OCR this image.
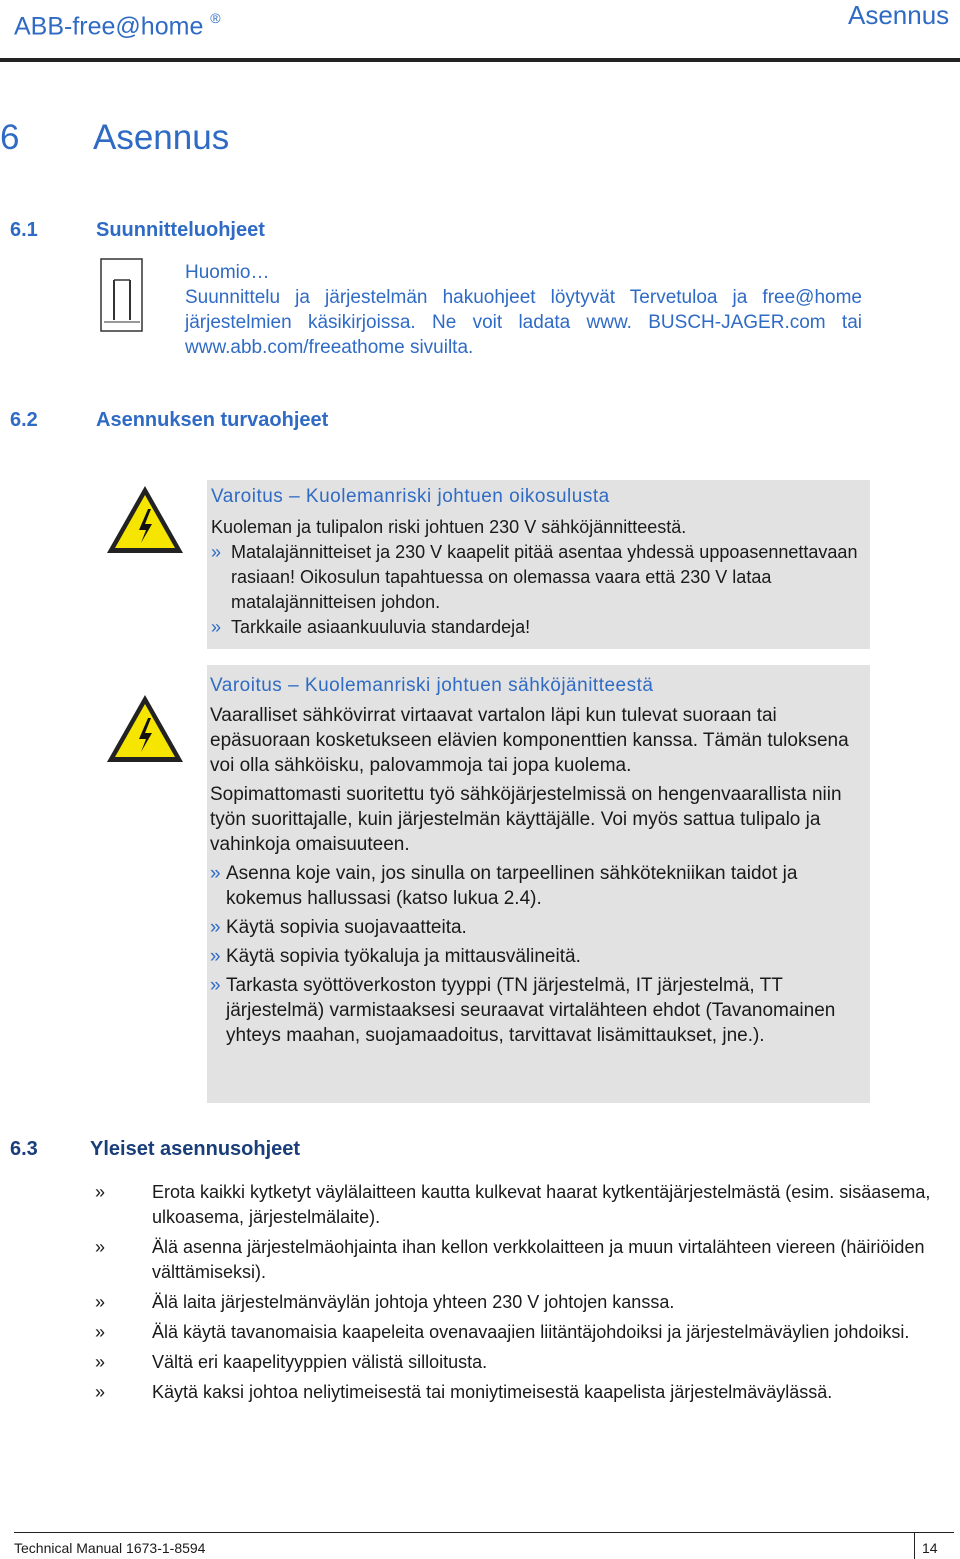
ABB-free@home ®	Asennus
6 Asennus
6.1	Suunnitteluohjeet

Huomio…

Suunnittelu ja järjestelmän hakuohjeet löytyvät Tervetuloa ja free@home järjestelmien käsikirjoissa. Ne voit ladata www. BUSCH-JAGER.com tai www.abb.com/freeathome sivuilta.

6.2	Asennuksen turvaohjeet
Varoitus – Kuolemanriski johtuen oikosulusta
Kuoleman ja tulipalon riski johtuen 230 V sähköjännitteestä.
» Matalajännitteiset ja 230 V kaapelit pitää asentaa yhdessä uppoasennettavaan rasiaan! Oikosulun tapahtuessa on olemassa vaara että 230 V lataa matalajännitteisen johdon.
» Tarkkaile asiaankuuluvia standardeja!
Varoitus – Kuolemanriski johtuen sähköjänitteestä
Vaaralliset sähkövirrat virtaavat vartalon läpi kun tulevat suoraan tai epäsuoraan kosketukseen elävien komponenttien kanssa. Tämän tuloksena voi olla sähköisku, palovammoja tai jopa kuolema.
Sopimattomasti suoritettu työ sähköjärjestelmissä on hengenvaarallista niin työn suorittajalle, kuin järjestelmän käyttäjälle. Voi myös sattua tulipalo ja vahinkoja omaisuuteen.
» Asenna koje vain, jos sinulla on tarpeellinen sähkötekniikan taidot ja kokemus hallussasi (katso lukua 2.4).
» Käytä sopivia suojavaatteita.
» Käytä sopivia työkaluja ja mittausvälineitä.
» Tarkasta syöttöverkoston tyyppi (TN järjestelmä, IT järjestelmä, TT järjestelmä) varmistaaksesi seuraavat virtalähteen ehdot (Tavanomainen yhteys maahan, suojamaadoitus, tarvittavat lisämittaukset, jne.).
6.3	Yleiset asennusohjeet
»	Erota kaikki kytketyt väylälaitteen kautta kulkevat haarat kytkentäjärjestelmästä (esim. sisäasema, ulkoasema, järjestelmälaite).
»	Älä asenna järjestelmäohjainta ihan kellon verkkolaitteen ja muun virtalähteen viereen (häiriöiden välttämiseksi).
»	Älä laita järjestelmänväylän johtoja yhteen 230 V johtojen kanssa.
»	Älä käytä tavanomaisia kaapeleita ovenavaajien liitäntäjohdoiksi ja järjestelmäväylien johdoiksi.
»	Vältä eri kaapelityyppien välistä silloitusta.
»	Käytä kaksi johtoa neliytimeisestä tai moniytimeisestä kaapelista järjestelmäväylässä.
Technical Manual 1673-1-8594	14
